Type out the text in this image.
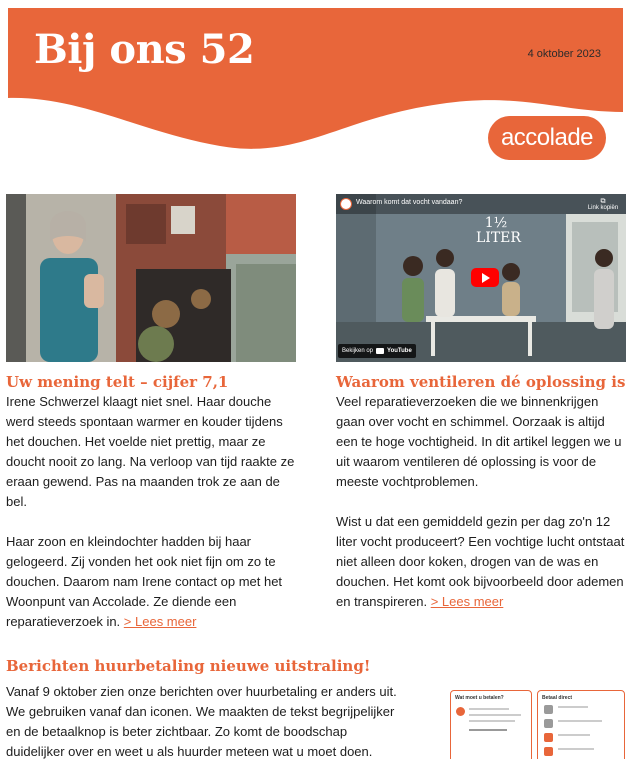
Bij ons 52	4 oktober 2023
accolade
Uw mening telt – cijfer 7,1

Irene Schwerzel klaagt niet snel. Haar douche werd steeds spontaan warmer en kouder tijdens het douchen. Het voelde niet prettig, maar ze doucht nooit zo lang. Na verloop van tijd raakte ze eraan gewend. Pas na maanden trok ze aan de bel.

Haar zoon en kleindochter hadden bij haar gelogeerd. Zij vonden het ook niet fijn om zo te douchen. Daarom nam Irene contact op met het Woonpunt van Accolade. Ze diende een reparatieverzoek in. > Lees meer

Waarom komt dat vocht vandaan?	⧉
Link kopiën
1½ LITER
Bekijken op YouTube
Waarom ventileren dé oplossing is

Veel reparatieverzoeken die we binnenkrijgen gaan over vocht en schimmel. Oorzaak is altijd een te hoge vochtigheid. In dit artikel leggen we u uit waarom ventileren dé oplossing is voor de meeste vochtproblemen.

Wist u dat een gemiddeld gezin per dag zo'n 12 liter vocht produceert? Een vochtige lucht ontstaat niet alleen door koken, drogen van de was en douchen. Het komt ook bijvoorbeeld door ademen en transpireren. > Lees meer

Berichten huurbetaling nieuwe uitstraling!

Vanaf 9 oktober zien onze berichten over huurbetaling er anders uit. We gebruiken vanaf dan iconen. We maakten de tekst begrijpelijker en de betaalknop is beter zichtbaar. Zo komt de boodschap duidelijker over en weet u als huurder meteen wat u moet doen.

Wat moet u betalen?	Betaal direct
